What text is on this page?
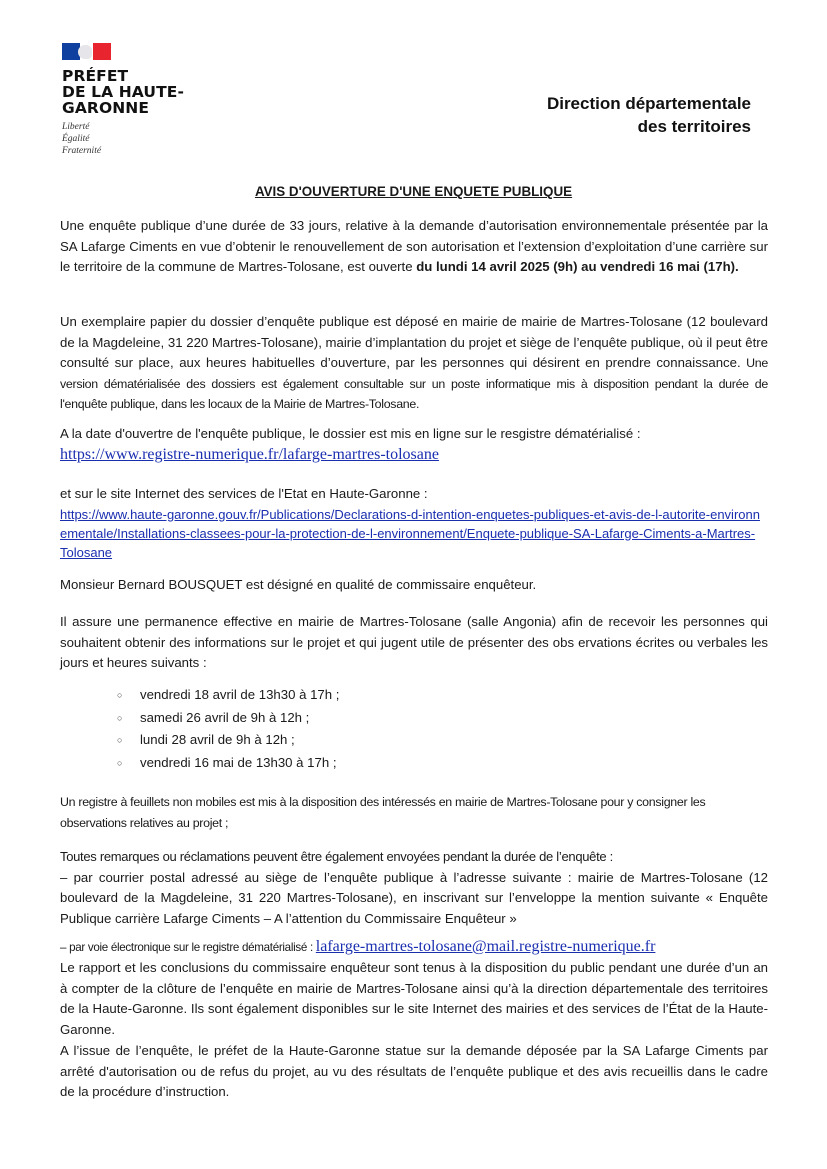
PRÉFET
DE LA HAUTE-
GARONNE
Liberté
Égalité
Fraternité
Direction départementale
des territoires
AVIS D'OUVERTURE D'UNE ENQUETE PUBLIQUE

Une enquête publique d’une durée de 33 jours, relative à la demande d’autorisation environnementale présentée par la SA Lafarge Ciments en vue d’obtenir le renouvellement de son autorisation et l’extension d’exploitation d’une carrière sur le territoire de la commune de Martres-Tolosane, est ouverte du lundi 14 avril 2025 (9h) au vendredi 16 mai (17h).

Un exemplaire papier du dossier d’enquête publique est déposé en mairie de mairie de Martres-Tolosane (12 boulevard de la Magdeleine, 31 220 Martres-Tolosane), mairie d’implantation du projet et siège de l’enquête publique, où il peut être consulté sur place, aux heures habituelles d’ouverture, par les personnes qui désirent en prendre connaissance. Une version dématérialisée des dossiers est également consultable sur un poste informatique mis à disposition pendant la durée de l'enquête publique, dans les locaux de la Mairie de Martres-Tolosane.

A la date d'ouvertre de l'enquête publique, le dossier est mis en ligne sur le resgistre dématérialisé :

https://www.registre-numerique.fr/lafarge-martres-tolosane

et sur le site Internet des services de l'Etat en Haute-Garonne :

https://www.haute-garonne.gouv.fr/Publications/Declarations-d-intention-enquetes-publiques-et-avis-de-l-autorite-environnementale/Installations-classees-pour-la-protection-de-l-environnement/Enquete-publique-SA-Lafarge-Ciments-a-Martres-Tolosane

Monsieur Bernard BOUSQUET est désigné en qualité de commissaire enquêteur.

Il assure une permanence effective en mairie de Martres-Tolosane (salle Angonia) afin de recevoir les personnes qui souhaitent obtenir des informations sur le projet et qui jugent utile de présenter des obs ervations écrites ou verbales les jours et heures suivants :

○ vendredi 18 avril de 13h30 à 17h ;
○ samedi 26 avril de 9h à 12h ;
○ lundi 28 avril de 9h à 12h ;
○ vendredi 16 mai de 13h30 à 17h ;

Un registre à feuillets non mobiles est mis à la disposition des intéressés en mairie de Martres-Tolosane pour y consigner les observations relatives au projet ;

Toutes remarques ou réclamations peuvent être également envoyées pendant la durée de l’enquête :

– par courrier postal adressé au siège de l’enquête publique à l’adresse suivante : mairie de Martres-Tolosane (12 boulevard de la Magdeleine, 31 220 Martres-Tolosane), en inscrivant sur l’enveloppe la mention suivante « Enquête Publique carrière Lafarge Ciments – A l’attention du Commissaire Enquêteur »

– par voie électronique sur le registre dématérialisé : lafarge-martres-tolosane@mail.registre-numerique.fr

Le rapport et les conclusions du commissaire enquêteur sont tenus à la disposition du public pendant une durée d’un an à compter de la clôture de l’enquête en mairie de Martres-Tolosane ainsi qu’à la direction départementale des territoires de la Haute-Garonne. Ils sont également disponibles sur le site Internet des mairies et des services de l’État de la Haute-Garonne.

A l’issue de l’enquête, le préfet de la Haute-Garonne statue sur la demande déposée par la SA Lafarge Ciments par arrêté d'autorisation ou de refus du projet, au vu des résultats de l’enquête publique et des avis recueillis dans le cadre de la procédure d’instruction.
